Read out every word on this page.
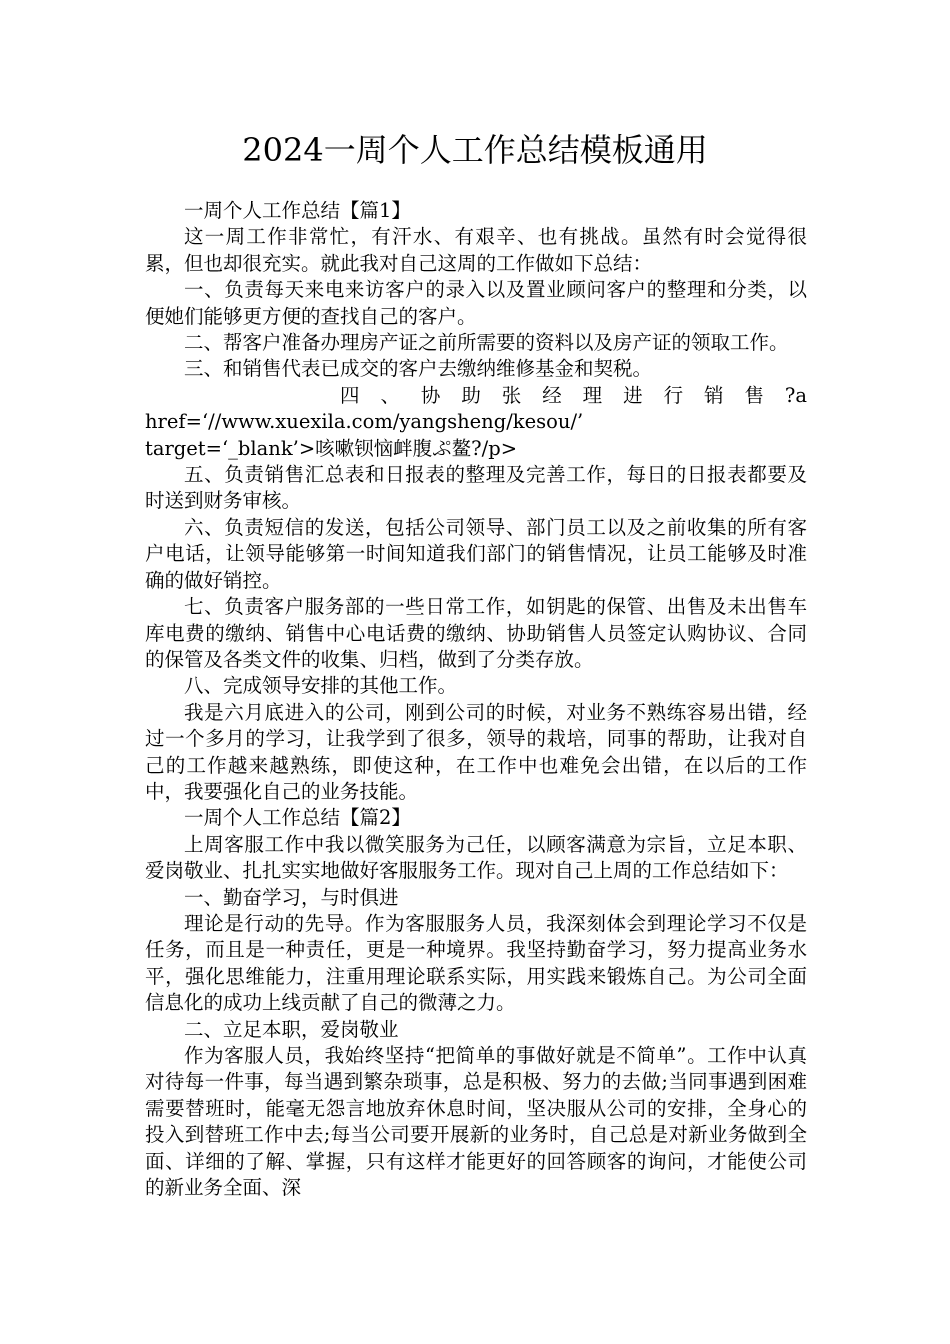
2024一周个人工作总结模板通用

一周个人工作总结【篇1】

这一周工作非常忙，有汗水、有艰辛、也有挑战。虽然有时会觉得很累，但也却很充实。就此我对自己这周的工作做如下总结：

一、负责每天来电来访客户的录入以及置业顾问客户的整理和分类，以便她们能够更方便的查找自己的客户。

二、帮客户准备办理房产证之前所需要的资料以及房产证的领取工作。

三、和销售代表已成交的客户去缴纳维修基金和契税。

四 、 协 助 张 经 理 进 行 销 售 ?a

href=‘//www.xuexila.com/yangsheng/kesou/’

target=‘_blank’>咳嗽钡恼衅腹ぷ鳌?/p>

五、负责销售汇总表和日报表的整理及完善工作，每日的日报表都要及时送到财务审核。

六、负责短信的发送，包括公司领导、部门员工以及之前收集的所有客户电话，让领导能够第一时间知道我们部门的销售情况，让员工能够及时准确的做好销控。

七、负责客户服务部的一些日常工作，如钥匙的保管、出售及未出售车库电费的缴纳、销售中心电话费的缴纳、协助销售人员签定认购协议、合同的保管及各类文件的收集、归档，做到了分类存放。

八、完成领导安排的其他工作。

我是六月底进入的公司，刚到公司的时候，对业务不熟练容易出错，经过一个多月的学习，让我学到了很多，领导的栽培，同事的帮助，让我对自己的工作越来越熟练，即使这种，在工作中也难免会出错，在以后的工作中，我要强化自己的业务技能。

一周个人工作总结【篇2】

上周客服工作中我以微笑服务为己任，以顾客满意为宗旨，立足本职、爱岗敬业、扎扎实实地做好客服服务工作。现对自己上周的工作总结如下：

一、勤奋学习，与时俱进

理论是行动的先导。作为客服服务人员，我深刻体会到理论学习不仅是任务，而且是一种责任，更是一种境界。我坚持勤奋学习，努力提高业务水平，强化思维能力，注重用理论联系实际，用实践来锻炼自己。为公司全面信息化的成功上线贡献了自己的微薄之力。

二、立足本职，爱岗敬业

作为客服人员，我始终坚持“把简单的事做好就是不简单”。工作中认真对待每一件事，每当遇到繁杂琐事，总是积极、努力的去做;当同事遇到困难需要替班时，能毫无怨言地放弃休息时间，坚决服从公司的安排，全身心的投入到替班工作中去;每当公司要开展新的业务时，自己总是对新业务做到全面、详细的了解、掌握，只有这样才能更好的回答顾客的询问，才能使公司的新业务全面、深
